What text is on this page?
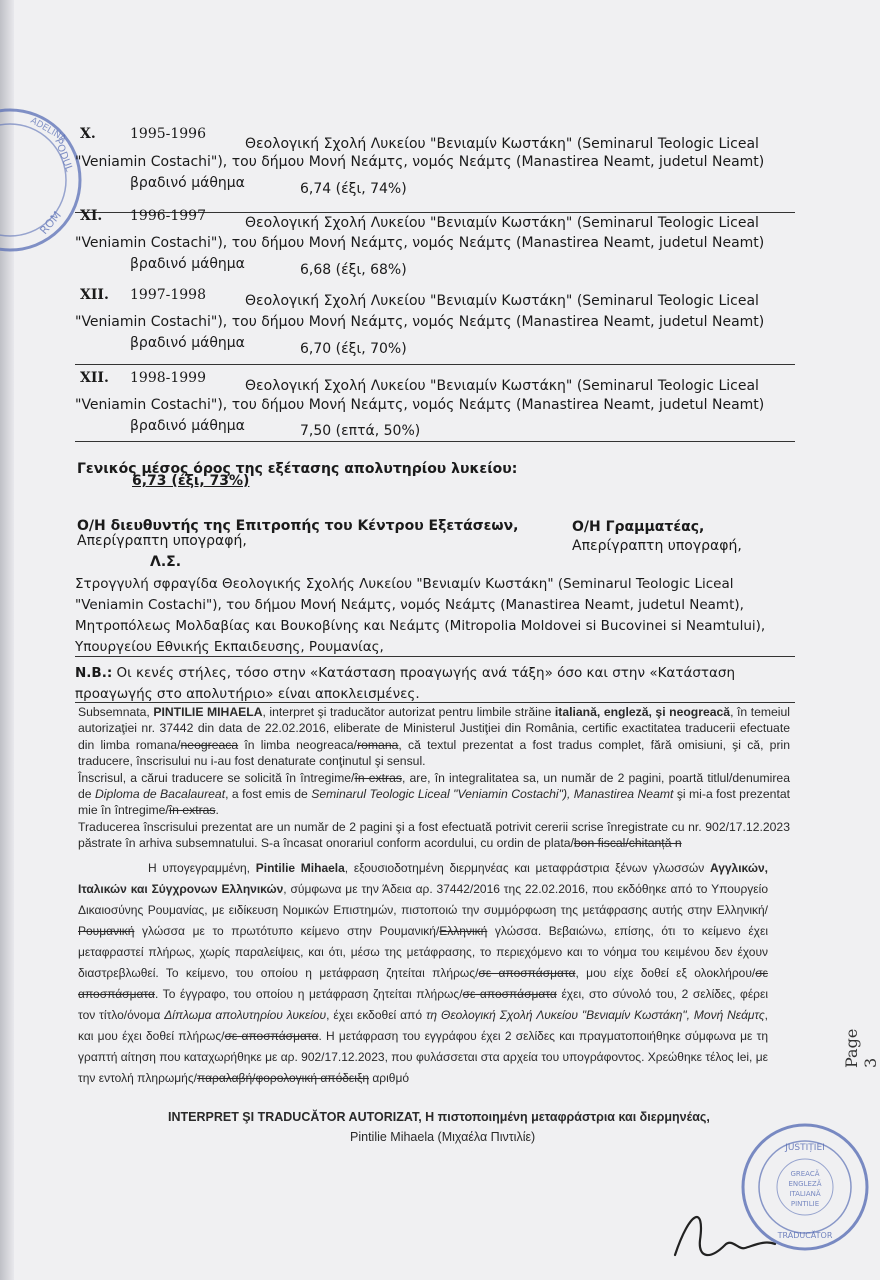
PODUL
ROM
ADELINA X. 1995-1996
Θεολογική Σχολή Λυκείου "Βενιαμίν Κωστάκη" (Seminarul Teologic Liceal
"Veniamin Costachi"), του δήμου Μονή Νεάμτς, νομός Νεάμτς (Manastirea Neamt, judetul Neamt)
βραδινό μάθημα	6,74 (έξι, 74%)
XI. 1996-1997	Θεολογική Σχολή Λυκείου "Βενιαμίν Κωστάκη" (Seminarul Teologic Liceal
"Veniamin Costachi"), του δήμου Μονή Νεάμτς, νομός Νεάμτς (Manastirea Neamt, judetul Neamt)
βραδινό μάθημα	6,68 (έξι, 68%)
XII. 1997-1998	Θεολογική Σχολή Λυκείου "Βενιαμίν Κωστάκη" (Seminarul Teologic Liceal
"Veniamin Costachi"), του δήμου Μονή Νεάμτς, νομός Νεάμτς (Manastirea Neamt, judetul Neamt)
βραδινό μάθημα	6,70 (έξι, 70%)
XII. 1998-1999	Θεολογική Σχολή Λυκείου "Βενιαμίν Κωστάκη" (Seminarul Teologic Liceal
"Veniamin Costachi"), του δήμου Μονή Νεάμτς, νομός Νεάμτς (Manastirea Neamt, judetul Neamt)
βραδινό μάθημα	7,50 (επτά, 50%)
Γενικός μέσος όρος της εξέτασης απολυτηρίου λυκείου:
6,73 (έξι, 73%)
Ο/Η διευθυντής της Επιτροπής του Κέντρου Εξετάσεων,
Απερίγραπτη υπογραφή,
Λ.Σ.
Ο/Η Γραμματέας,
Απερίγραπτη υπογραφή,
Στρογγυλή σφραγίδα Θεολογικής Σχολής Λυκείου "Βενιαμίν Κωστάκη" (Seminarul Teologic Liceal
"Veniamin Costachi"), του δήμου Μονή Νεάμτς, νομός Νεάμτς (Manastirea Neamt, judetul Neamt),
Μητροπόλεως Μολδαβίας και Βουκοβίνης και Νεάμτς (Mitropolia Moldovei si Bucovinei si Neamtului),
Υπουργείου Εθνικής Εκπαιδευσης, Ρουμανίας,
Ν.Β.: Οι κενές στήλες, τόσο στην «Κατάσταση προαγωγής ανά τάξη» όσο και στην «Κατάσταση
προαγωγής στο απολυτήριο» είναι αποκλεισμένες.
Subsemnata, PINTILIE MIHAELA, interpret şi traducător autorizat pentru limbile străine italiană, engleză, şi neogreacă, în temeiul autorizaţiei nr. 37442 din data de 22.02.2016, eliberate de Ministerul Justiţiei din România, certific exactitatea traducerii efectuate din limba romana/neogreaca în limba neogreaca/romana, că textul prezentat a fost tradus complet, fără omisiuni, şi că, prin traducere, înscrisului nu i-au fost denaturate conţinutul şi sensul.
Înscrisul, a cărui traducere se solicită în întregime/în extras, are, în integralitatea sa, un număr de 2 pagini, poartă titlul/denumirea de Diploma de Bacalaureat, a fost emis de Seminarul Teologic Liceal "Veniamin Costachi"), Manastirea Neamt şi mi-a fost prezentat mie în întregime/în extras.
Traducerea înscrisului prezentat are un număr de 2 pagini şi a fost efectuată potrivit cererii scrise înregistrate cu nr. 902/17.12.2023 păstrate în arhiva subsemnatului. S-a încasat onorariul conform acordului, cu ordin de plata/bon fiscal/chitanță n
Η υπογεγραμμένη, Pintilie Mihaela, εξουσιοδοτημένη διερμηνέας και μεταφράστρια ξένων γλωσσών Αγγλικών, Ιταλικών και Σύγχρονων Ελληνικών, σύμφωνα με την Άδεια αρ. 37442/2016 της 22.02.2016, που εκδόθηκε από το Υπουργείο Δικαιοσύνης Ρουμανίας, με ειδίκευση Νομικών Επιστημών, πιστοποιώ την συμμόρφωση της μετάφρασης αυτής στην Ελληνική/Ρουμανική γλώσσα με το πρωτότυπο κείμενο στην Ρουμανική/Ελληνική γλώσσα. Βεβαιώνω, επίσης, ότι το κείμενο έχει μεταφραστεί πλήρως, χωρίς παραλείψεις, και ότι, μέσω της μετάφρασης, το περιεχόμενο και το νόημα του κειμένου δεν έχουν διαστρεβλωθεί. Το κείμενο, του οποίου η μετάφραση ζητείται πλήρως/σε αποσπάσματα, μου είχε δοθεί εξ ολοκλήρου/σε αποσπάσματα. Το έγγραφο, του οποίου η μετάφραση ζητείται πλήρως/σε αποσπάσματα έχει, στο σύνολό του, 2 σελίδες, φέρει τον τίτλο/όνομα Δίπλωμα απολυτηρίου λυκείου, έχει εκδοθεί από τη Θεολογική Σχολή Λυκείου "Βενιαμίν Κωστάκη", Μονή Νεάμτς, και μου έχει δοθεί πλήρως/σε αποσπάσματα. Η μετάφραση του εγγράφου έχει 2 σελίδες και πραγματοποιήθηκε σύμφωνα με τη γραπτή αίτηση που καταχωρήθηκε με αρ. 902/17.12.2023, που φυλάσσεται στα αρχεία του υπογράφοντος. Χρεώθηκε τέλος lei, με την εντολή πληρωμής/παραλαβή/φορολογική απόδειξη αριθμό
INTERPRET ŞI TRADUCĂTOR AUTORIZAT, Η πιστοποιημένη μεταφράστρια και διερμηνέας,
Pintilie Mihaela (Μιχαέλα Πιντιλίε)
Page 3
JUSTIȚIEI
GREACĂ
ENGLEZĂ
ITALIANĂ
PINTILIE
TRADUCĂTOR
